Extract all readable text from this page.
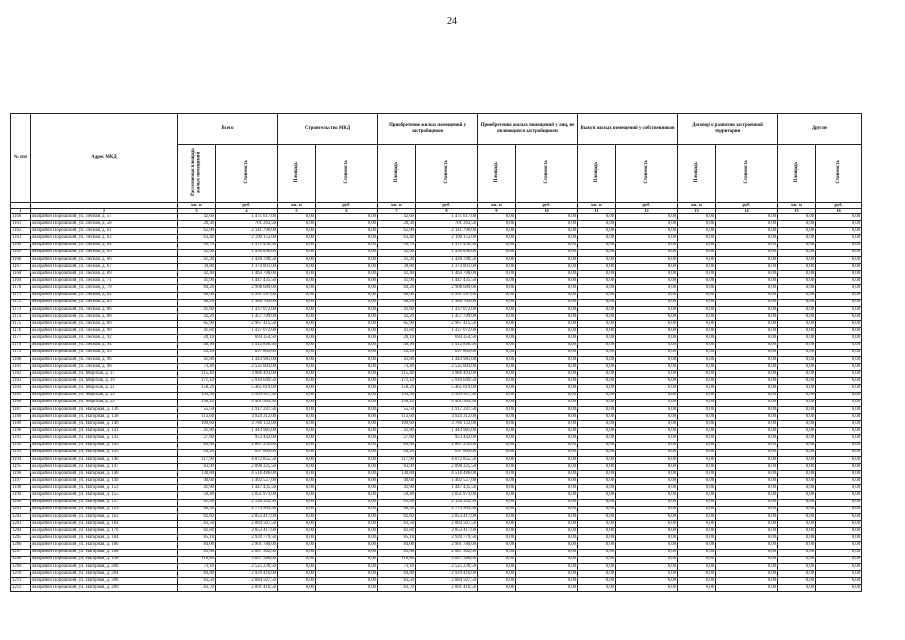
24
№ п/п	Адрес МКД	Всего		Строительство МКД		Приобретение жилых помещений у застройщиков		Приобретение жилых помещений у лиц, не являющихся застройщиком		Выкуп жилых помещений у собственников		Договор о развитии застроенной территории		Другие	
		Расселяемая площадь жилых помещений	Стоимость	Площадь	Стоимость	Площадь	Стоимость	Площадь	Стоимость	Площадь	Стоимость	Площадь	Стоимость	Площадь	Стоимость
		кв. м	руб.	кв. м	руб.	кв. м	руб.	кв. м	руб.	кв. м	руб.	кв. м	руб.	кв. м	руб.
1	2	3	4	5	6	7	8	9	10	11	12	13	14	15	16
1160	жилрайон Порошский, ул. Лесная, д. 57	42,60	1 471 617,00	0,00	0,00	42,60	1 471 617,00	0,00	0,00	0,00	0,00	0,00	0,00	0,00	0,00
1161	жилрайон Порошский, ул. Лесная, д. 58	20,30	701 263,50	0,00	0,00	20,30	701 263,50	0,00	0,00	0,00	0,00	0,00	0,00	0,00	0,00
1162	жилрайон Порошский, ул. Лесная, д. 61	62,00	2 141 790,00	0,00	0,00	62,00	2 141 790,00	0,00	0,00	0,00	0,00	0,00	0,00	0,00	0,00
1163	жилрайон Порошский, ул. Лесная, д. 62	63,40	2 190 153,00	0,00	0,00	63,40	2 190 153,00	0,00	0,00	0,00	0,00	0,00	0,00	0,00	0,00
1164	жилрайон Порошский, ул. Лесная, д. 64	39,70	1 371 436,50	0,00	0,00	39,70	1 371 436,50	0,00	0,00	0,00	0,00	0,00	0,00	0,00	0,00
1165	жилрайон Порошский, ул. Лесная, д. 65	42,00	1 450 890,00	0,00	0,00	42,00	1 450 890,00	0,00	0,00	0,00	0,00	0,00	0,00	0,00	0,00
1166	жилрайон Порошский, ул. Лесная, д. 66	41,30	1 426 708,50	0,00	0,00	41,30	1 426 708,50	0,00	0,00	0,00	0,00	0,00	0,00	0,00	0,00
1167	жилрайон Порошский, ул. Лесная, д. 67	39,80	1 374 891,00	0,00	0,00	39,80	1 374 891,00	0,00	0,00	0,00	0,00	0,00	0,00	0,00	0,00
1168	жилрайон Порошский, ул. Лесная, д. 69	42,40	1 464 708,00	0,00	0,00	42,40	1 464 708,00	0,00	0,00	0,00	0,00	0,00	0,00	0,00	0,00
1169	жилрайон Порошский, ул. Лесная, д. 71	41,90	1 447 435,50	0,00	0,00	41,90	1 447 435,50	0,00	0,00	0,00	0,00	0,00	0,00	0,00	0,00
1170	жилрайон Порошский, ул. Лесная, д. 79	84,20	2 908 689,00	0,00	0,00	84,20	2 908 689,00	0,00	0,00	0,00	0,00	0,00	0,00	0,00	0,00
1171	жилрайон Порошский, ул. Лесная, д. 82	86,60	2 991 597,00	0,00	0,00	86,60	2 991 597,00	0,00	0,00	0,00	0,00	0,00	0,00	0,00	0,00
1172	жилрайон Порошский, ул. Лесная, д. 83	40,20	1 388 709,00	0,00	0,00	40,20	1 388 709,00	0,00	0,00	0,00	0,00	0,00	0,00	0,00	0,00
1173	жилрайон Порошский, ул. Лесная, д. 86	41,60	1 437 072,00	0,00	0,00	41,60	1 437 072,00	0,00	0,00	0,00	0,00	0,00	0,00	0,00	0,00
1174	жилрайон Порошский, ул. Лесная, д. 88	42,20	1 457 799,00	0,00	0,00	42,20	1 457 799,00	0,00	0,00	0,00	0,00	0,00	0,00	0,00	0,00
1175	жилрайон Порошский, ул. Лесная, д. 89	85,90	2 967 415,50	0,00	0,00	85,90	2 967 415,50	0,00	0,00	0,00	0,00	0,00	0,00	0,00	0,00
1176	жилрайон Порошский, ул. Лесная, д. 90	41,60	1 437 072,00	0,00	0,00	41,60	1 437 072,00	0,00	0,00	0,00	0,00	0,00	0,00	0,00	0,00
1177	жилрайон Порошский, ул. Лесная, д. 92	20,10	694 354,50	0,00	0,00	20,10	694 354,50	0,00	0,00	0,00	0,00	0,00	0,00	0,00	0,00
1178	жилрайон Порошский, ул. Лесная, д. 94	40,90	1 412 890,50	0,00	0,00	40,90	1 412 890,50	0,00	0,00	0,00	0,00	0,00	0,00	0,00	0,00
1179	жилрайон Порошский, ул. Лесная, д. 95	20,20	697 809,00	0,00	0,00	20,20	697 809,00	0,00	0,00	0,00	0,00	0,00	0,00	0,00	0,00
1180	жилрайон Порошский, ул. Лесная, д. 96	41,80	1 443 981,00	0,00	0,00	41,80	1 443 981,00	0,00	0,00	0,00	0,00	0,00	0,00	0,00	0,00
1181	жилрайон Порошский, ул. Лесная, д. 98	73,40	2 535 603,00	0,00	0,00	73,40	2 535 603,00	0,00	0,00	0,00	0,00	0,00	0,00	0,00	0,00
1182	жилрайон Порошский, ул. Морская, д. 17	115,40	3 986 493,00	0,00	0,00	115,40	3 986 493,00	0,00	0,00	0,00	0,00	0,00	0,00	0,00	0,00
1183	жилрайон Порошский, ул. Морская, д. 19	171,10	5 910 649,50	0,00	0,00	171,10	5 910 649,50	0,00	0,00	0,00	0,00	0,00	0,00	0,00	0,00
1184	жилрайон Порошский, ул. Морская, д. 21	158,20	5 465 019,00	0,00	0,00	158,20	5 465 019,00	0,00	0,00	0,00	0,00	0,00	0,00	0,00	0,00
1185	жилрайон Порошский, ул. Морская, д. 23	159,50	5 509 927,50	0,00	0,00	159,50	5 509 927,50	0,00	0,00	0,00	0,00	0,00	0,00	0,00	0,00
1186	жилрайон Порошский, ул. Морская, д. 25	158,10	5 461 564,50	0,00	0,00	158,10	5 461 564,50	0,00	0,00	0,00	0,00	0,00	0,00	0,00	0,00
1187	жилрайон Порошский, ул. Нагорная, д. 136	55,50	1 917 247,50	0,00	0,00	55,50	1 917 247,50	0,00	0,00	0,00	0,00	0,00	0,00	0,00	0,00
1188	жилрайон Порошский, ул. Нагорная, д. 138	113,60	3 924 312,00	0,00	0,00	113,60	3 924 312,00	0,00	0,00	0,00	0,00	0,00	0,00	0,00	0,00
1189	жилрайон Порошский, ул. Нагорная, д. 140	109,60	3 786 132,00	0,00	0,00	109,60	3 786 132,00	0,00	0,00	0,00	0,00	0,00	0,00	0,00	0,00
1190	жилрайон Порошский, ул. Нагорная, д. 141	41,80	1 443 981,00	0,00	0,00	41,80	1 443 981,00	0,00	0,00	0,00	0,00	0,00	0,00	0,00	0,00
1191	жилрайон Порошский, ул. Нагорная, д. 142	27,60	953 442,00	0,00	0,00	27,60	953 442,00	0,00	0,00	0,00	0,00	0,00	0,00	0,00	0,00
1192	жилрайон Порошский, ул. Нагорная, д. 143	83,00	2 867 235,00	0,00	0,00	83,00	2 867 235,00	0,00	0,00	0,00	0,00	0,00	0,00	0,00	0,00
1193	жилрайон Порошский, ул. Нагорная, д. 145	20,20	697 809,00	0,00	0,00	20,20	697 809,00	0,00	0,00	0,00	0,00	0,00	0,00	0,00	0,00
1194	жилрайон Порошский, ул. Нагорная, д. 146	117,90	4 072 855,50	0,00	0,00	117,90	4 072 855,50	0,00	0,00	0,00	0,00	0,00	0,00	0,00	0,00
1195	жилрайон Порошский, ул. Нагорная, д. 147	83,90	2 898 325,50	0,00	0,00	83,90	2 898 325,50	0,00	0,00	0,00	0,00	0,00	0,00	0,00	0,00
1196	жилрайон Порошский, ул. Нагорная, д. 148	130,80	4 518 486,00	0,00	0,00	130,80	4 518 486,00	0,00	0,00	0,00	0,00	0,00	0,00	0,00	0,00
1197	жилрайон Порошский, ул. Нагорная, д. 149	40,60	1 402 527,00	0,00	0,00	40,60	1 402 527,00	0,00	0,00	0,00	0,00	0,00	0,00	0,00	0,00
1198	жилрайон Порошский, ул. Нагорная, д. 153	41,90	1 447 435,50	0,00	0,00	41,90	1 447 435,50	0,00	0,00	0,00	0,00	0,00	0,00	0,00	0,00
1199	жилрайон Порошский, ул. Нагорная, д. 155	59,40	2 051 973,00	0,00	0,00	59,40	2 051 973,00	0,00	0,00	0,00	0,00	0,00	0,00	0,00	0,00
1200	жилрайон Порошский, ул. Нагорная, д. 157	61,90	2 138 335,50	0,00	0,00	61,90	2 138 335,50	0,00	0,00	0,00	0,00	0,00	0,00	0,00	0,00
1201	жилрайон Порошский, ул. Нагорная, д. 159	80,30	2 773 963,50	0,00	0,00	80,30	2 773 963,50	0,00	0,00	0,00	0,00	0,00	0,00	0,00	0,00
1202	жилрайон Порошский, ул. Нагорная, д. 162	82,60	2 853 417,00	0,00	0,00	82,60	2 853 417,00	0,00	0,00	0,00	0,00	0,00	0,00	0,00	0,00
1203	жилрайон Порошский, ул. Нагорная, д. 164	83,50	2 884 507,50	0,00	0,00	83,50	2 884 507,50	0,00	0,00	0,00	0,00	0,00	0,00	0,00	0,00
1204	жилрайон Порошский, ул. Нагорная, д. 176	82,60	2 853 417,00	0,00	0,00	82,60	2 853 417,00	0,00	0,00	0,00	0,00	0,00	0,00	0,00	0,00
1205	жилрайон Порошский, ул. Нагорная, д. 184	85,10	2 939 779,50	0,00	0,00	85,10	2 939 779,50	0,00	0,00	0,00	0,00	0,00	0,00	0,00	0,00
1206	жилрайон Порошский, ул. Нагорная, д. 186	84,00	2 901 780,00	0,00	0,00	84,00	2 901 780,00	0,00	0,00	0,00	0,00	0,00	0,00	0,00	0,00
1207	жилрайон Порошский, ул. Нагорная, д. 188	83,60	2 887 962,00	0,00	0,00	83,60	2 887 962,00	0,00	0,00	0,00	0,00	0,00	0,00	0,00	0,00
1208	жилрайон Порошский, ул. Нагорная, д. 198	110,80	3 827 586,00	0,00	0,00	110,80	3 827 586,00	0,00	0,00	0,00	0,00	0,00	0,00	0,00	0,00
1209	жилрайон Порошский, ул. Нагорная, д. 200	73,10	2 525 239,50	0,00	0,00	73,10	2 525 239,50	0,00	0,00	0,00	0,00	0,00	0,00	0,00	0,00
1210	жилрайон Порошский, ул. Нагорная, д. 204	84,80	2 929 416,00	0,00	0,00	84,80	2 929 416,00	0,00	0,00	0,00	0,00	0,00	0,00	0,00	0,00
1211	жилрайон Порошский, ул. Нагорная, д. 206	83,50	2 884 507,50	0,00	0,00	83,50	2 884 507,50	0,00	0,00	0,00	0,00	0,00	0,00	0,00	0,00
1212	жилрайон Порошский, ул. Нагорная, д. 209	83,70	2 891 416,50	0,00	0,00	83,70	2 891 416,50	0,00	0,00	0,00	0,00	0,00	0,00	0,00	0,00
